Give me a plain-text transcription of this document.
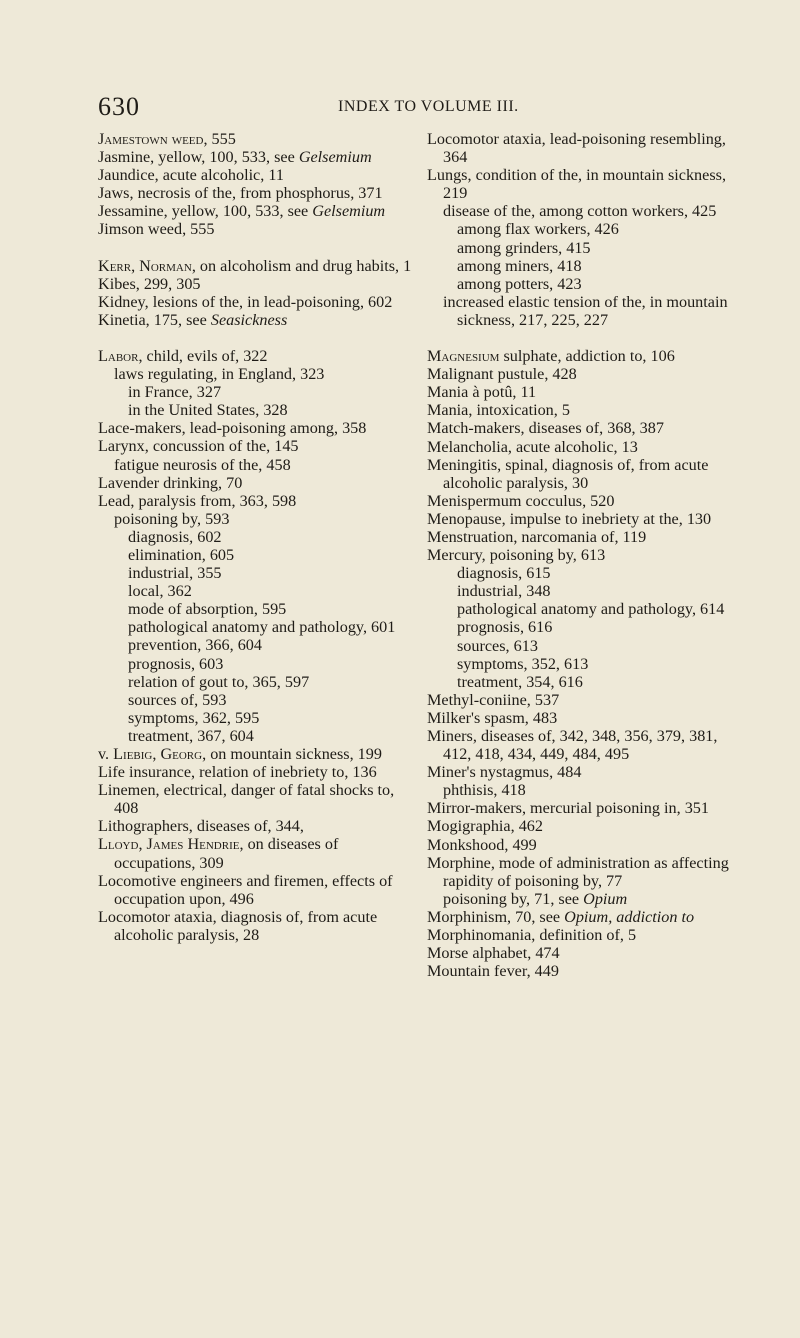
630	INDEX TO VOLUME III.

Jamestown weed, 555

Jasmine, yellow, 100, 533, see Gelsemium

Jaundice, acute alcoholic, 11

Jaws, necrosis of the, from phosphorus, 371

Jessamine, yellow, 100, 533, see Gelsemium

Jimson weed, 555

Kerr, Norman, on alcoholism and drug habits, 1

Kibes, 299, 305

Kidney, lesions of the, in lead-poisoning, 602

Kinetia, 175, see Seasickness

Labor, child, evils of, 322

laws regulating, in England, 323

in France, 327

in the United States, 328

Lace-makers, lead-poisoning among, 358

Larynx, concussion of the, 145

fatigue neurosis of the, 458

Lavender drinking, 70

Lead, paralysis from, 363, 598

poisoning by, 593

diagnosis, 602

elimination, 605

industrial, 355

local, 362

mode of absorption, 595

pathological anatomy and pathology, 601

prevention, 366, 604

prognosis, 603

relation of gout to, 365, 597

sources of, 593

symptoms, 362, 595

treatment, 367, 604

v. Liebig, Georg, on mountain sickness, 199

Life insurance, relation of inebriety to, 136

Linemen, electrical, danger of fatal shocks to, 408

Lithographers, diseases of, 344,

Lloyd, James Hendrie, on diseases of occupations, 309

Locomotive engineers and firemen, effects of occupation upon, 496

Locomotor ataxia, diagnosis of, from acute alcoholic paralysis, 28

Locomotor ataxia, lead-poisoning resembling, 364

Lungs, condition of the, in mountain sickness, 219

disease of the, among cotton workers, 425

among flax workers, 426

among grinders, 415

among miners, 418

among potters, 423

increased elastic tension of the, in mountain sickness, 217, 225, 227

Magnesium sulphate, addiction to, 106

Malignant pustule, 428

Mania à potû, 11

Mania, intoxication, 5

Match-makers, diseases of, 368, 387

Melancholia, acute alcoholic, 13

Meningitis, spinal, diagnosis of, from acute alcoholic paralysis, 30

Menispermum cocculus, 520

Menopause, impulse to inebriety at the, 130

Menstruation, narcomania of, 119

Mercury, poisoning by, 613

diagnosis, 615

industrial, 348

pathological anatomy and pathology, 614

prognosis, 616

sources, 613

symptoms, 352, 613

treatment, 354, 616

Methyl-coniine, 537

Milker's spasm, 483

Miners, diseases of, 342, 348, 356, 379, 381, 412, 418, 434, 449, 484, 495

Miner's nystagmus, 484

phthisis, 418

Mirror-makers, mercurial poisoning in, 351

Mogigraphia, 462

Monkshood, 499

Morphine, mode of administration as affecting rapidity of poisoning by, 77

poisoning by, 71, see Opium

Morphinism, 70, see Opium, addiction to

Morphinomania, definition of, 5

Morse alphabet, 474

Mountain fever, 449
